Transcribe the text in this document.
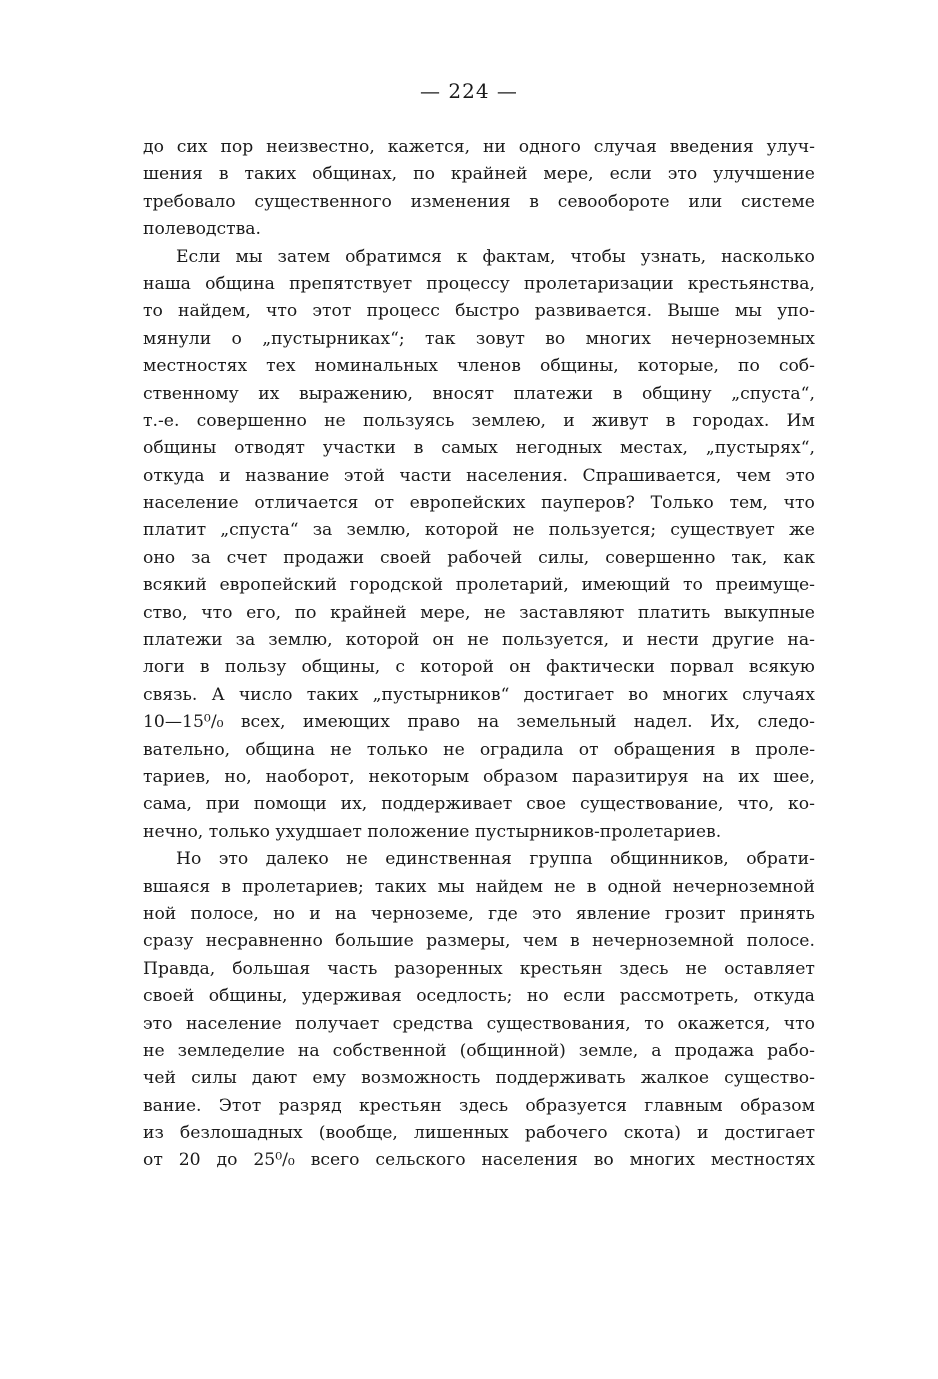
— 224 —
до сих пор неизвестно, кажется, ни одного случая введения улуч-
шения в таких общинах, по крайней мере, если это улучшение
требовало существенного изменения в севообороте или системе
полеводства.
Если мы затем обратимся к фактам, чтобы узнать, насколько
наша община препятствует процессу пролетаризации крестьянства,
то найдем, что этот процесс быстро развивается. Выше мы упо-
мянули о „пустырниках“; так зовут во многих нечерноземных
местностях тех номинальных членов общины, которые, по соб-
ственному их выражению, вносят платежи в общину „спуста“,
т.-е. совершенно не пользуясь землею, и живут в городах. Им
общины отводят участки в самых негодных местах, „пустырях“,
откуда и название этой части населения. Спрашивается, чем это
население отличается от европейских пауперов? Только тем, что
платит „спуста“ за землю, которой не пользуется; существует же
оно за счет продажи своей рабочей силы, совершенно так, как
всякий европейский городской пролетарий, имеющий то преимуще-
ство, что его, по крайней мере, не заставляют платить выкупные
платежи за землю, которой он не пользуется, и нести другие на-
логи в пользу общины, с которой он фактически порвал всякую
связь. А число таких „пустырников“ достигает во многих случаях
10—15⁰/₀ всех, имеющих право на земельный надел. Их, следо-
вательно, община не только не оградила от обращения в проле-
тариев, но, наоборот, некоторым образом паразитируя на их шее,
сама, при помощи их, поддерживает свое существование, что, ко-
нечно, только ухудшает положение пустырников-пролетариев.
Но это далеко не единственная группа общинников, обрати-
вшаяся в пролетариев; таких мы найдем не в одной нечерноземной
ной полосе, но и на черноземе, где это явление грозит принять
сразу несравненно большие размеры, чем в нечерноземной полосе.
Правда, большая часть разоренных крестьян здесь не оставляет
своей общины, удерживая оседлость; но если рассмотреть, откуда
это население получает средства существования, то окажется, что
не земледелие на собственной (общинной) земле, а продажа рабо-
чей силы дают ему возможность поддерживать жалкое существо-
вание. Этот разряд крестьян здесь образуется главным образом
из безлошадных (вообще, лишенных рабочего скота) и достигает
от 20 до 25⁰/₀ всего сельского населения во многих местностях
